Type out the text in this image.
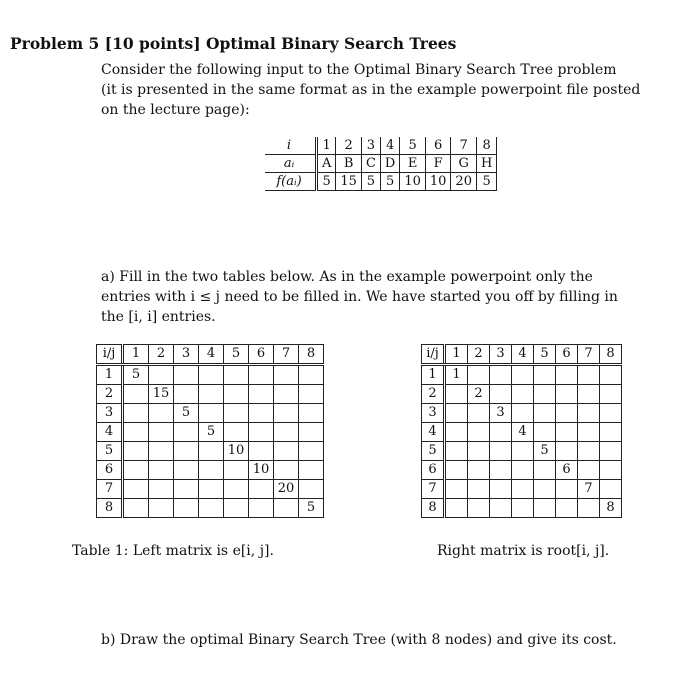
Problem 5 [10 points] Optimal Binary Search Trees
Consider the following input to the Optimal Binary Search Tree problem
(it is presented in the same format as in the example powerpoint file posted
on the lecture page):
i	1	2	3	4	5	6	7	8
aᵢ	A	B	C	D	E	F	G	H
f(aᵢ)	5	15	5	5	10	10	20	5
a) Fill in the two tables below. As in the example powerpoint only the
entries with i ≤ j need to be filled in. We have started you off by filling in
the [i, i] entries.
i/j	1	2	3	4	5	6	7	8
1	5							
2		15						
3			5					
4				5				
5					10			
6						10		
7							20	
8								5
i/j	1	2	3	4	5	6	7	8
1	1							
2		2						
3			3					
4				4				
5					5			
6						6		
7							7	
8								8
Table 1: Left matrix is e[i, j].	Right matrix is root[i, j].
b) Draw the optimal Binary Search Tree (with 8 nodes) and give its cost.
